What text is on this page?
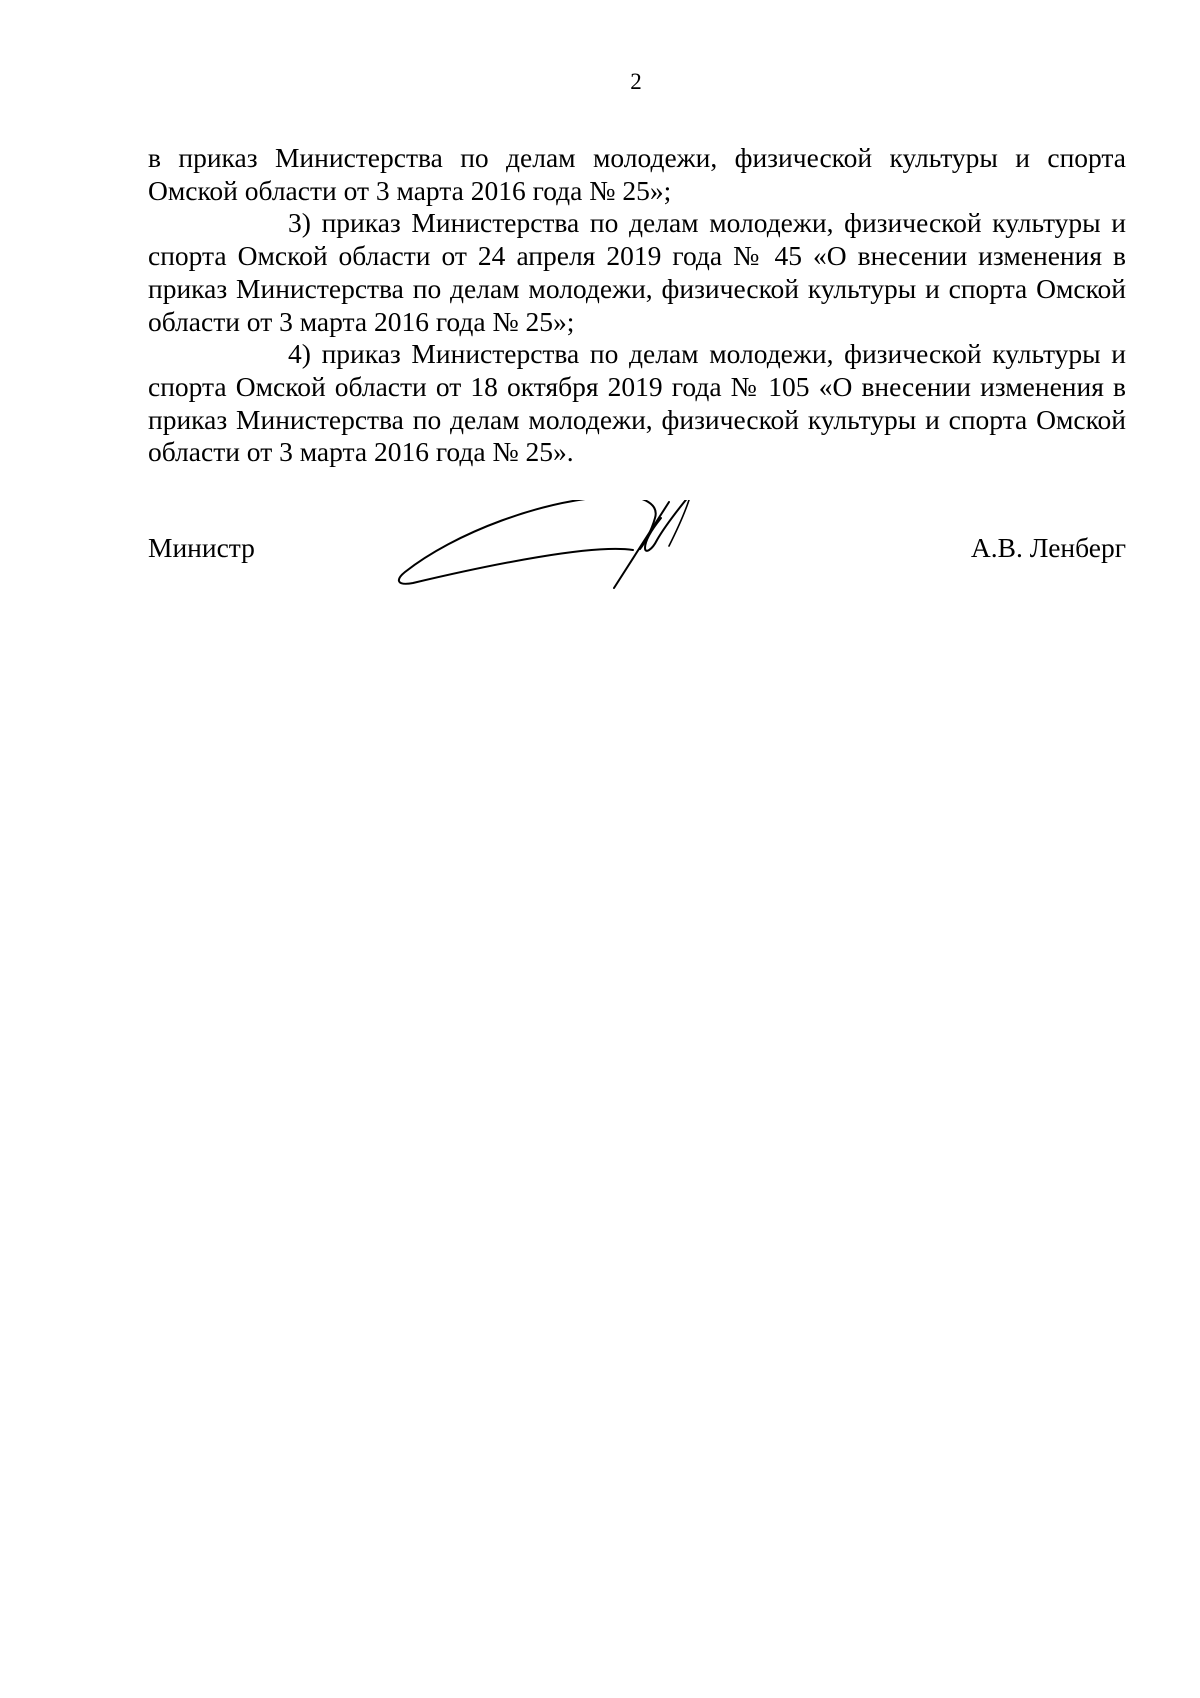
2

в приказ Министерства по делам молодежи, физической культуры и спорта Омской области от 3 марта 2016 года № 25»;

3) приказ Министерства по делам молодежи, физической культуры и спорта Омской области от 24 апреля 2019 года № 45 «О внесении изменения в приказ Министерства по делам молодежи, физической культуры и спорта Омской области от 3 марта 2016 года № 25»;

4) приказ Министерства по делам молодежи, физической культуры и спорта Омской области от 18 октября 2019 года № 105 «О внесении изменения в приказ Министерства по делам молодежи, физической культуры и спорта Омской области от 3 марта 2016 года № 25».

Министр	А.В. Ленберг
